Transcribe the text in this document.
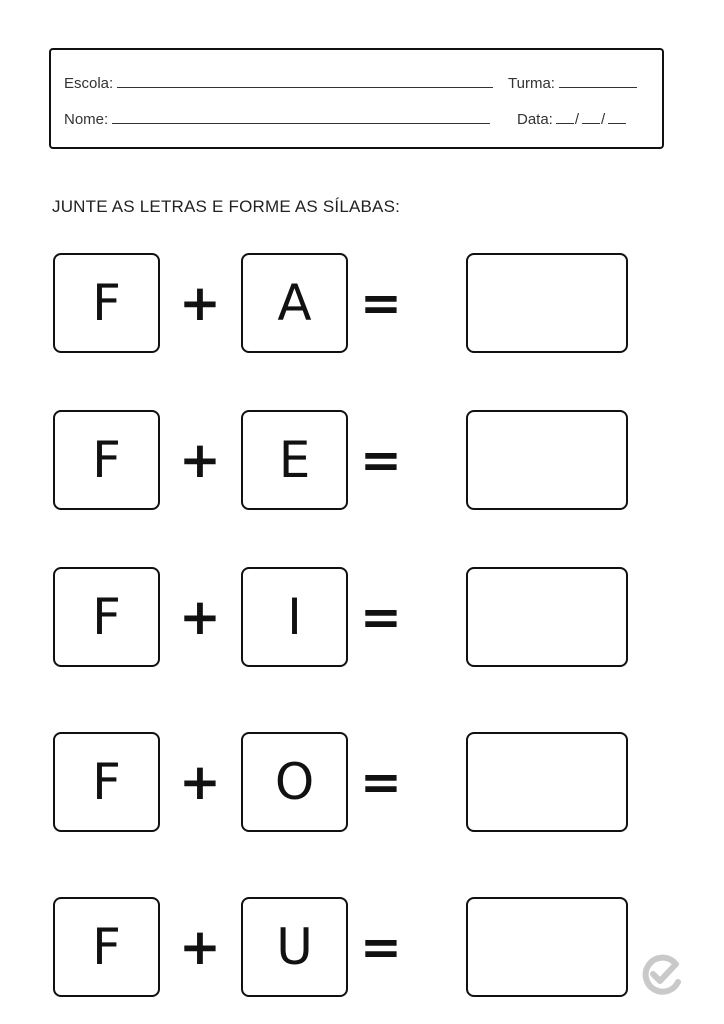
Escola:	Turma:
Nome:	Data: / /
JUNTE AS LETRAS E FORME AS SÍLABAS:
F	+	A =
F	+	E =
F	+	I	=
F	+	O =
F	+	U =
